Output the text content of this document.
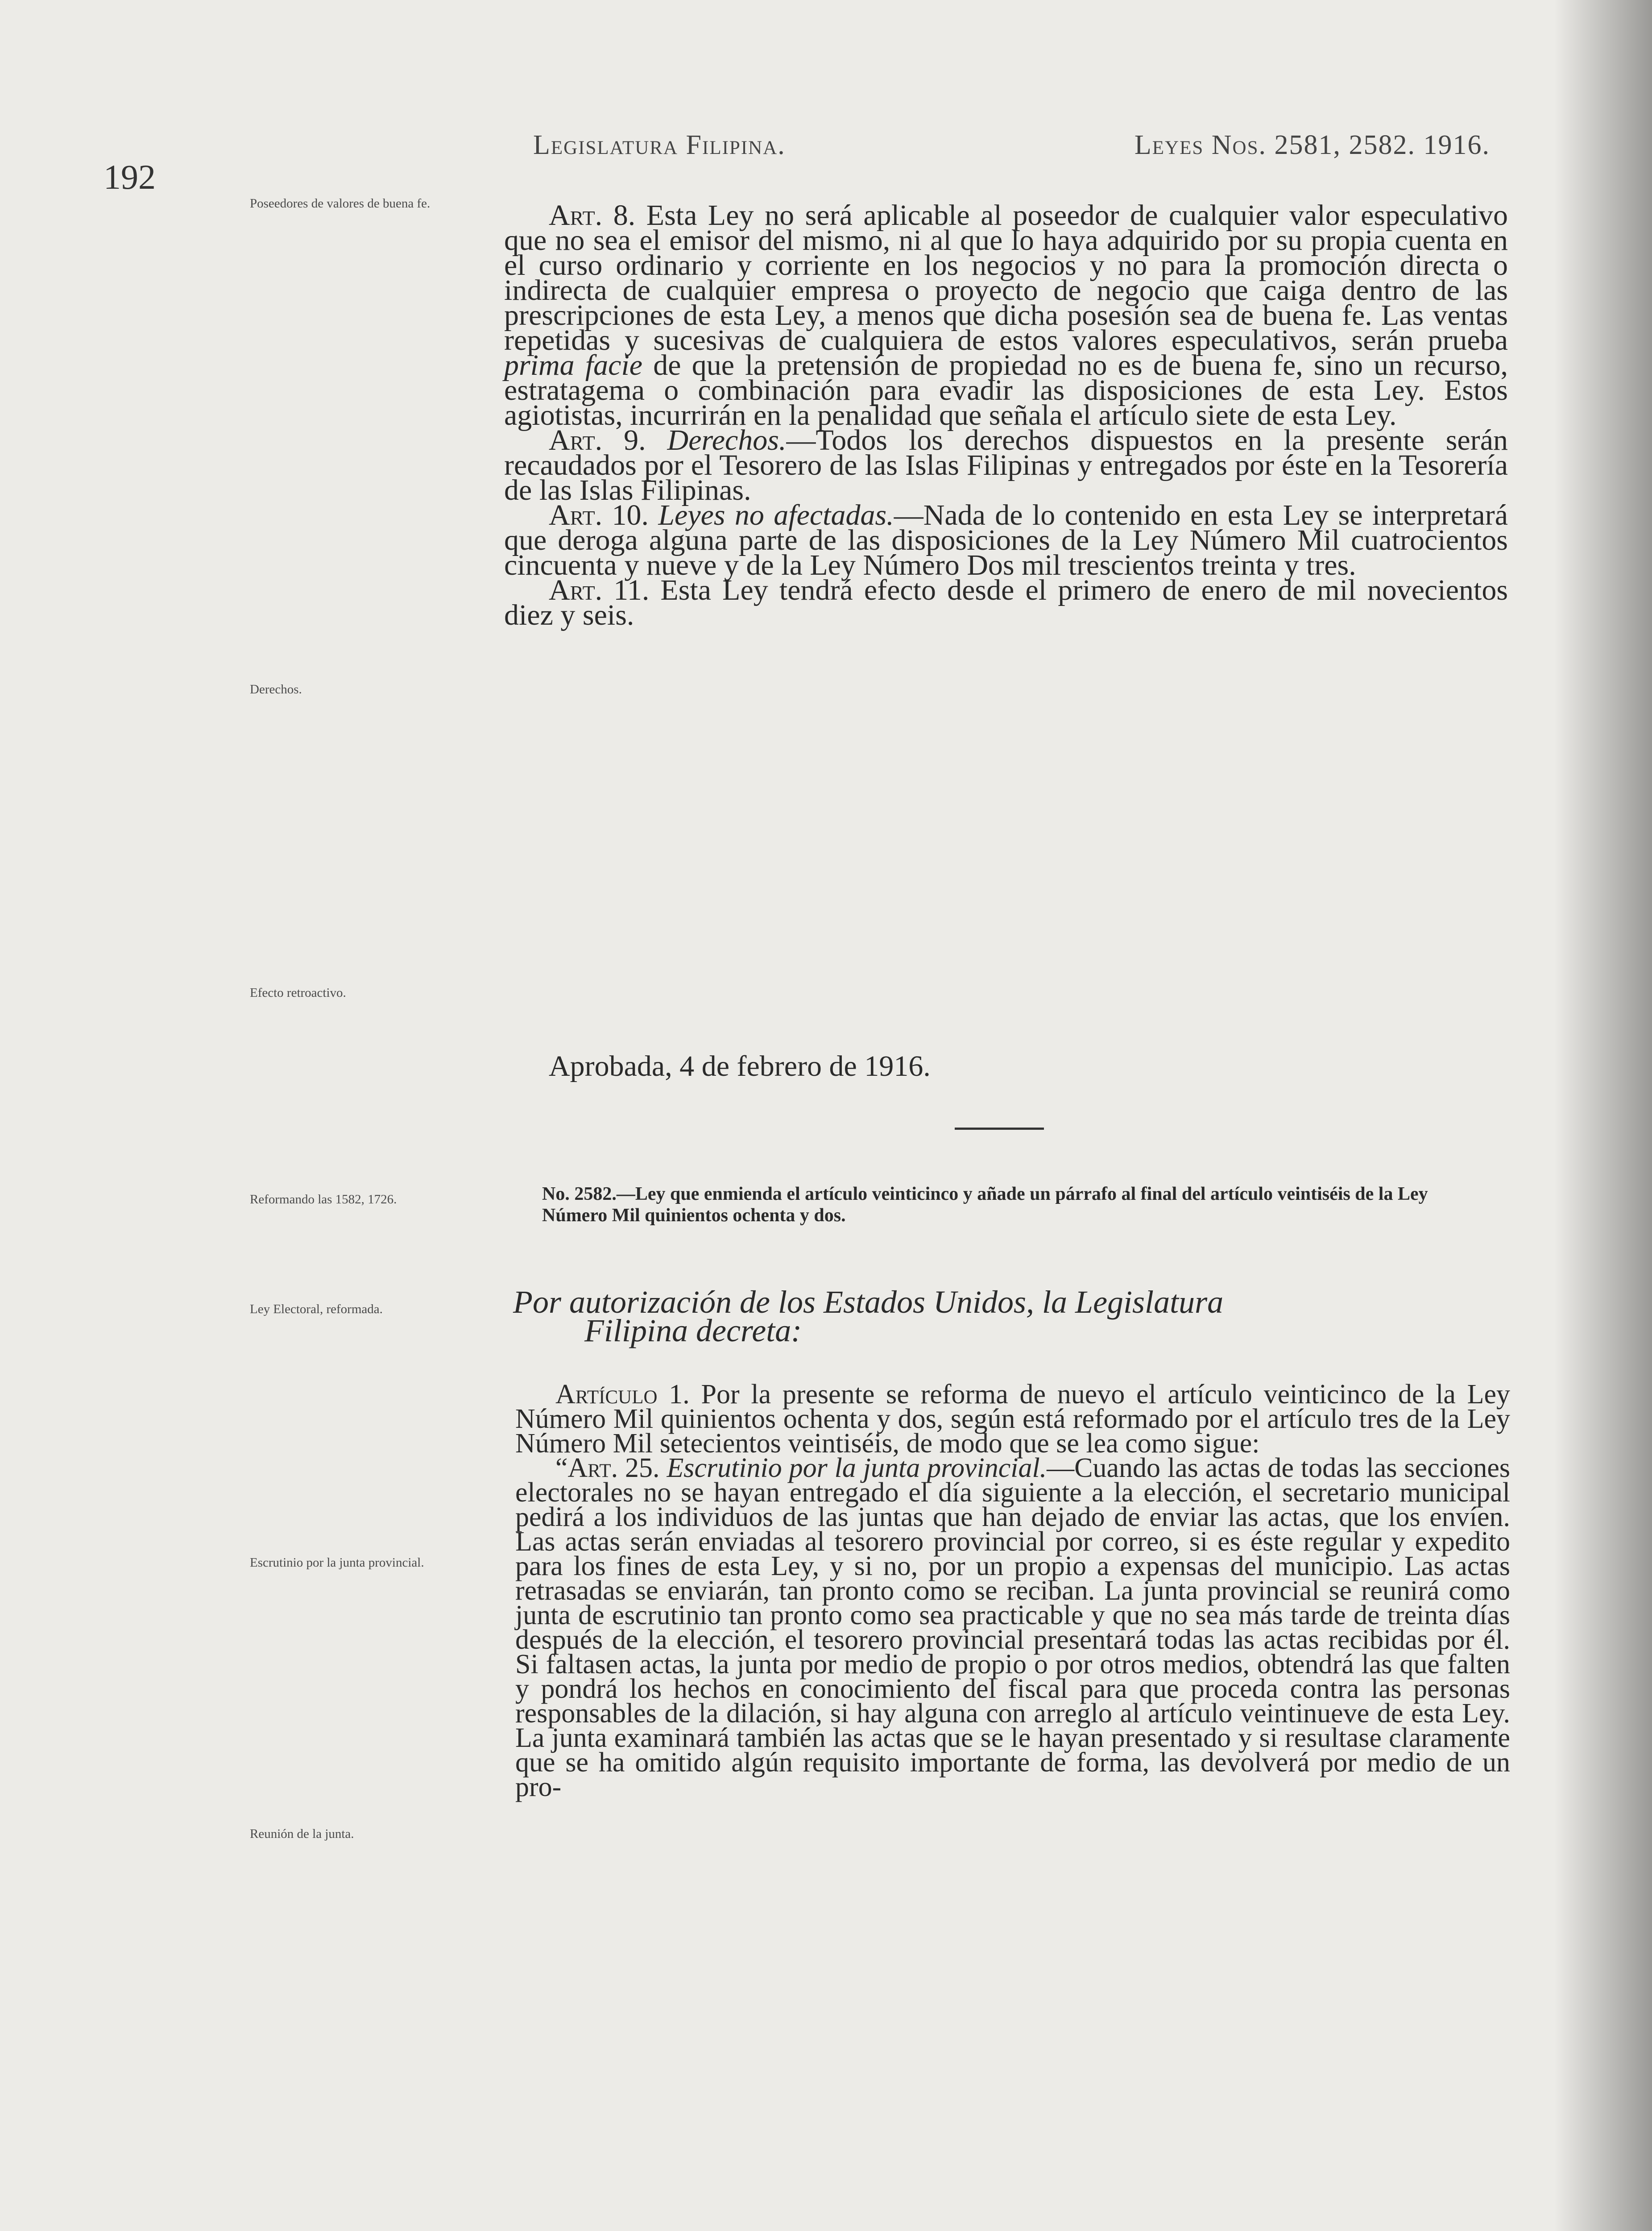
192
Legislatura Filipina.	Leyes Nos. 2581, 2582. 1916.
Poseedores de valores de buena fe.
Derechos.
Efecto retroactivo.
Reformando las 1582, 1726.
Ley Electoral, reformada.
Escrutinio por la junta provincial.
Reunión de la junta.

Art. 8. Esta Ley no será aplicable al poseedor de cualquier valor especulativo que no sea el emisor del mismo, ni al que lo haya adquirido por su propia cuenta en el curso ordinario y corriente en los negocios y no para la promoción directa o indirecta de cualquier empresa o proyecto de negocio que caiga dentro de las prescripciones de esta Ley, a menos que dicha posesión sea de buena fe. Las ventas repetidas y sucesivas de cualquiera de estos valores especulativos, serán prueba prima facie de que la pretensión de propiedad no es de buena fe, sino un recurso, estratagema o combinación para evadir las disposiciones de esta Ley. Estos agiotistas, incurrirán en la penalidad que señala el artículo siete de esta Ley.

Art. 9. Derechos.—Todos los derechos dispuestos en la presente serán recaudados por el Tesorero de las Islas Filipinas y entregados por éste en la Tesorería de las Islas Filipinas.

Art. 10. Leyes no afectadas.—Nada de lo contenido en esta Ley se interpretará que deroga alguna parte de las disposiciones de la Ley Número Mil cuatrocientos cincuenta y nueve y de la Ley Número Dos mil trescientos treinta y tres.

Art. 11. Esta Ley tendrá efecto desde el primero de enero de mil novecientos diez y seis.

Aprobada, 4 de febrero de 1916.
No. 2582.—Ley que enmienda el artículo veinticinco y añade un párrafo al final del artículo veintiséis de la Ley Número Mil quinientos ochenta y dos.
Por autorización de los Estados Unidos, la Legislatura
Filipina decreta:

Artículo 1. Por la presente se reforma de nuevo el artículo veinticinco de la Ley Número Mil quinientos ochenta y dos, según está reformado por el artículo tres de la Ley Número Mil setecientos veintiséis, de modo que se lea como sigue:

“Art. 25. Escrutinio por la junta provincial.—Cuando las actas de todas las secciones electorales no se hayan entregado el día siguiente a la elección, el secretario municipal pedirá a los individuos de las juntas que han dejado de enviar las actas, que los envíen. Las actas serán enviadas al tesorero provincial por correo, si es éste regular y expedito para los fines de esta Ley, y si no, por un propio a expensas del municipio. Las actas retrasadas se enviarán, tan pronto como se reciban. La junta provincial se reunirá como junta de escrutinio tan pronto como sea practicable y que no sea más tarde de treinta días después de la elección, el tesorero provincial presentará todas las actas recibidas por él. Si faltasen actas, la junta por medio de propio o por otros medios, obtendrá las que falten y pondrá los hechos en conocimiento del fiscal para que proceda contra las personas responsables de la dilación, si hay alguna con arreglo al artículo veintinueve de esta Ley. La junta examinará también las actas que se le hayan presentado y si resultase claramente que se ha omitido algún requisito importante de forma, las devolverá por medio de un pro-
